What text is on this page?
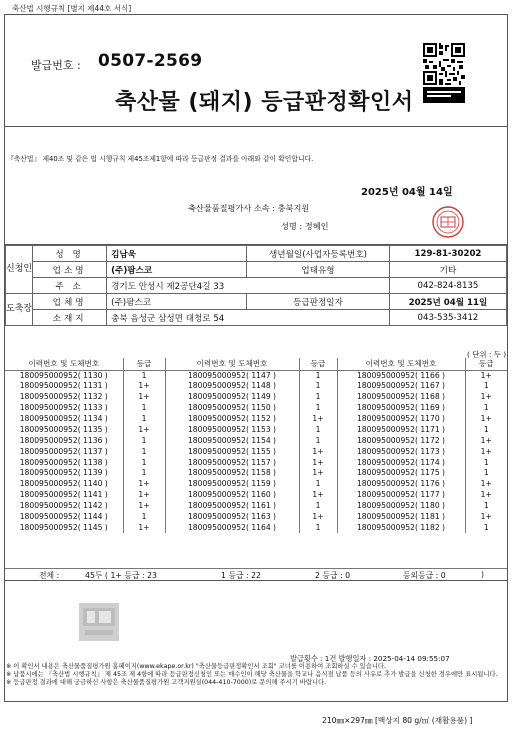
축산법 시행규칙 [별지 제44호 서식]
발급번호 : 0507-2569
축산물 (돼지) 등급판정확인서
『축산법』 제40조 및 같은 법 시행규칙 제45조제1항에 따라 등급판정 결과를 아래와 같이 확인합니다.
2025년 04월 14일
축산물품질평가사 소속 : 충북지원
성명 : 정혜인
신청인	성 명	김남욱	생년월일(사업자등록번호)	129-81-30202
	업소명	(주)팜스코	업태유형	기타
	주 소	경기도 안성시 제2공단4길 33		042-824-8135
도축장	업체명	(주)팜스코	등급판정일자	2025년 04월 11일
	소재지	충북 음성군 삼성면 대청로 54		043-535-3412
( 단위 : 두 )
이력번호 및 도체번호	등급	이력번호 및 도체번호	등급	이력번호 및 도체번호	등급
180095000952( 1130 )	1	180095000952( 1147 )	1	180095000952( 1166 )	1+
180095000952( 1131 )	1+	180095000952( 1148 )	1	180095000952( 1167 )	1
180095000952( 1132 )	1+	180095000952( 1149 )	1	180095000952( 1168 )	1+
180095000952( 1133 )	1	180095000952( 1150 )	1	180095000952( 1169 )	1
180095000952( 1134 )	1	180095000952( 1152 )	1+	180095000952( 1170 )	1+
180095000952( 1135 )	1+	180095000952( 1153 )	1	180095000952( 1171 )	1
180095000952( 1136 )	1	180095000952( 1154 )	1	180095000952( 1172 )	1+
180095000952( 1137 )	1	180095000952( 1155 )	1+	180095000952( 1173 )	1+
180095000952( 1138 )	1	180095000952( 1157 )	1+	180095000952( 1174 )	1
180095000952( 1139 )	1	180095000952( 1158 )	1+	180095000952( 1175 )	1
180095000952( 1140 )	1+	180095000952( 1159 )	1	180095000952( 1176 )	1+
180095000952( 1141 )	1+	180095000952( 1160 )	1+	180095000952( 1177 )	1+
180095000952( 1142 )	1+	180095000952( 1161 )	1	180095000952( 1180 )	1
180095000952( 1144 )	1	180095000952( 1163 )	1+	180095000952( 1181 )	1+
180095000952( 1145 )	1+	180095000952( 1164 )	1	180095000952( 1182 )	1
전체 :	45두 ( 1+ 등급 : 23	1 등급 : 22	2 등급 : 0	등외등급 : 0	)
발급횟수 : 1건 발행일자 : 2025-04-14 09:55:07
※ 이 확인서 내용은 축산물품질평가원 홈페이지(www.ekape.or.kr) "축산물등급판정확인서 조회" 코너를 이용하여 조회하실 수 있습니다.
※ 납품시에는 『축산법 시행규칙』 제 45조 제 4항에 따라 등급판정신청인 또는 매수인이 해당 축산물을 학교나 음식점 납품 등의 사유로 추가 발급을 신청한 경우에만 표시됩니다.
※ 등급판정 결과에 대해 궁금하신 사항은 축산물품질평가원 고객지원실(044-410-7000)로 문의해 주시기 바랍니다.
210㎜×297㎜ [백상지 80 g/㎡ (재활용품) ]
